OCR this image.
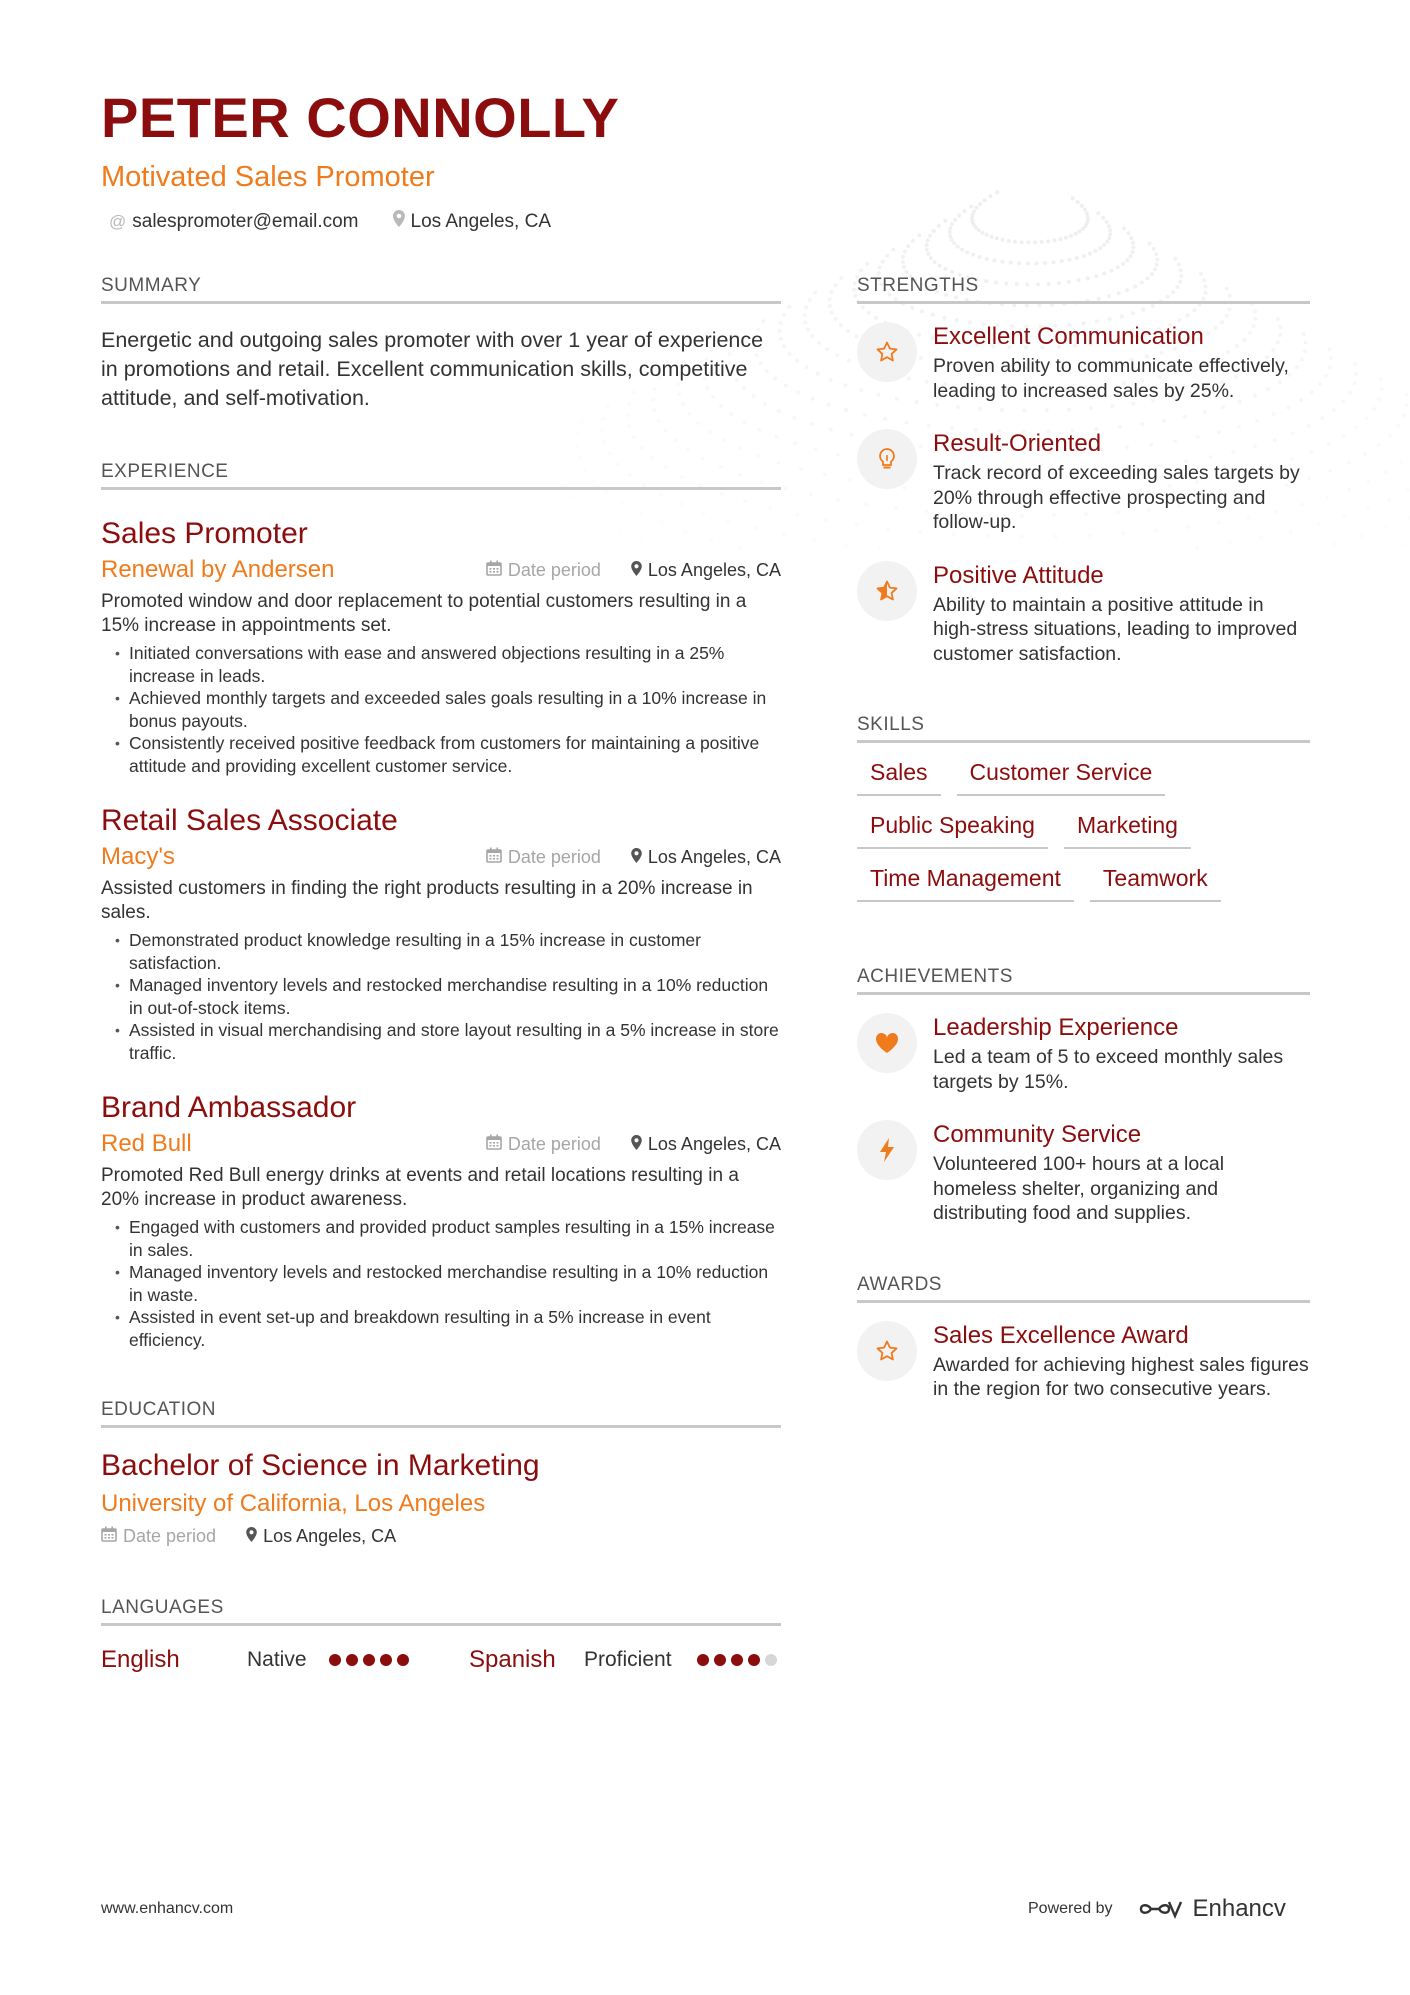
PETER CONNOLLY
Motivated Sales Promoter
@ salespromoter@email.com	Los Angeles, CA
SUMMARY
Energetic and outgoing sales promoter with over 1 year of experience in promotions and retail. Excellent communication skills, competitive attitude, and self-motivation.
EXPERIENCE
Sales Promoter
Renewal by Andersen	Date period	Los Angeles, CA
Promoted window and door replacement to potential customers resulting in a 15% increase in appointments set.
• Initiated conversations with ease and answered objections resulting in a 25% increase in leads.
• Achieved monthly targets and exceeded sales goals resulting in a 10% increase in bonus payouts.
• Consistently received positive feedback from customers for maintaining a positive attitude and providing excellent customer service.
Retail Sales Associate
Macy's	Date period	Los Angeles, CA
Assisted customers in finding the right products resulting in a 20% increase in sales.
• Demonstrated product knowledge resulting in a 15% increase in customer satisfaction.
• Managed inventory levels and restocked merchandise resulting in a 10% reduction in out-of-stock items.
• Assisted in visual merchandising and store layout resulting in a 5% increase in store traffic.
Brand Ambassador
Red Bull	Date period	Los Angeles, CA
Promoted Red Bull energy drinks at events and retail locations resulting in a 20% increase in product awareness.
• Engaged with customers and provided product samples resulting in a 15% increase in sales.
• Managed inventory levels and restocked merchandise resulting in a 10% reduction in waste.
• Assisted in event set-up and breakdown resulting in a 5% increase in event efficiency.
EDUCATION
Bachelor of Science in Marketing
University of California, Los Angeles
Date period	Los Angeles, CA
LANGUAGES
English	Native	Spanish	Proficient
STRENGTHS
Excellent Communication
Proven ability to communicate effectively, leading to increased sales by 25%.
Result-Oriented
Track record of exceeding sales targets by 20% through effective prospecting and follow-up.
Positive Attitude
Ability to maintain a positive attitude in high-stress situations, leading to improved customer satisfaction.
SKILLS
Sales	Customer Service
Public Speaking	Marketing
Time Management	Teamwork
ACHIEVEMENTS
Leadership Experience
Led a team of 5 to exceed monthly sales targets by 15%.
Community Service
Volunteered 100+ hours at a local homeless shelter, organizing and distributing food and supplies.
AWARDS
Sales Excellence Award
Awarded for achieving highest sales figures in the region for two consecutive years.
www.enhancv.com	Powered by	Enhancv
